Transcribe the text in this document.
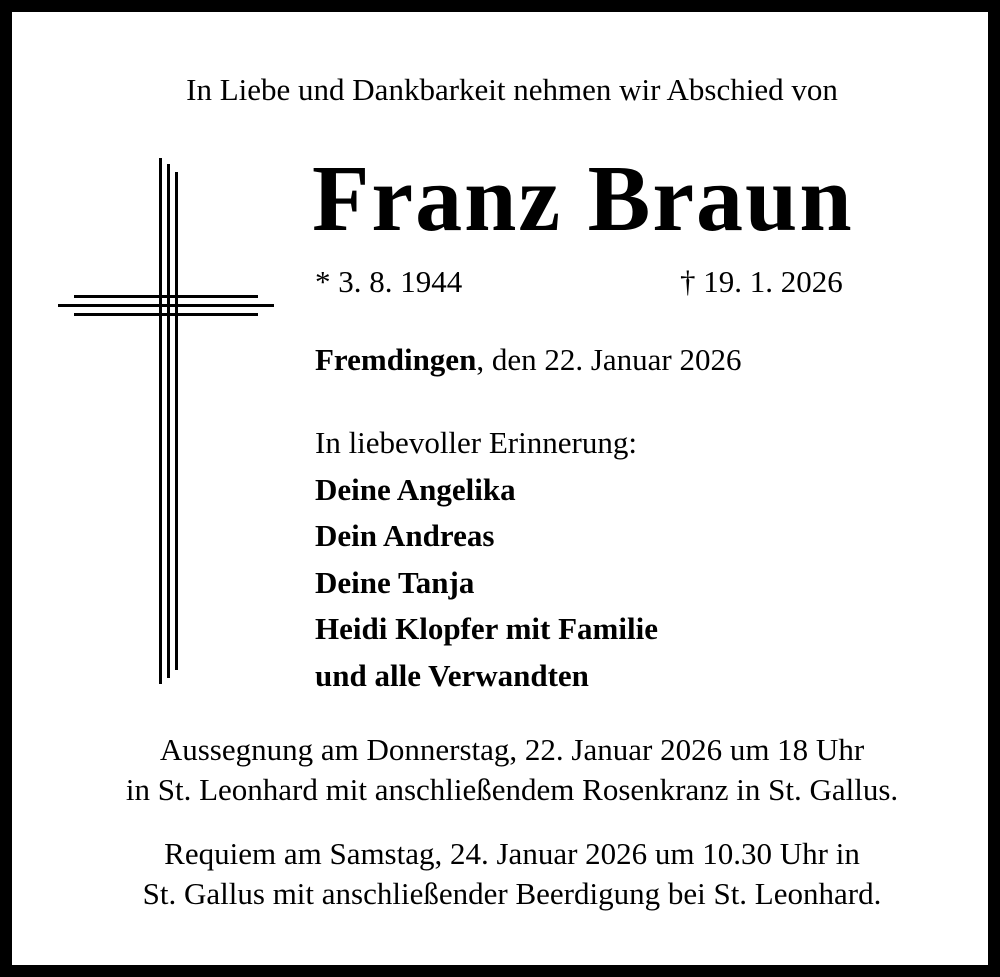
In Liebe und Dankbarkeit nehmen wir Abschied von
Franz Braun
* 3. 8. 1944	† 19. 1. 2026
Fremdingen, den 22. Januar 2026
In liebevoller Erinnerung:
Deine Angelika
Dein Andreas
Deine Tanja
Heidi Klopfer mit Familie
und alle Verwandten
Aussegnung am Donnerstag, 22. Januar 2026 um 18 Uhr
in St. Leonhard mit anschließendem Rosenkranz in St. Gallus.
Requiem am Samstag, 24. Januar 2026 um 10.30 Uhr in
St. Gallus mit anschließender Beerdigung bei St. Leonhard.
